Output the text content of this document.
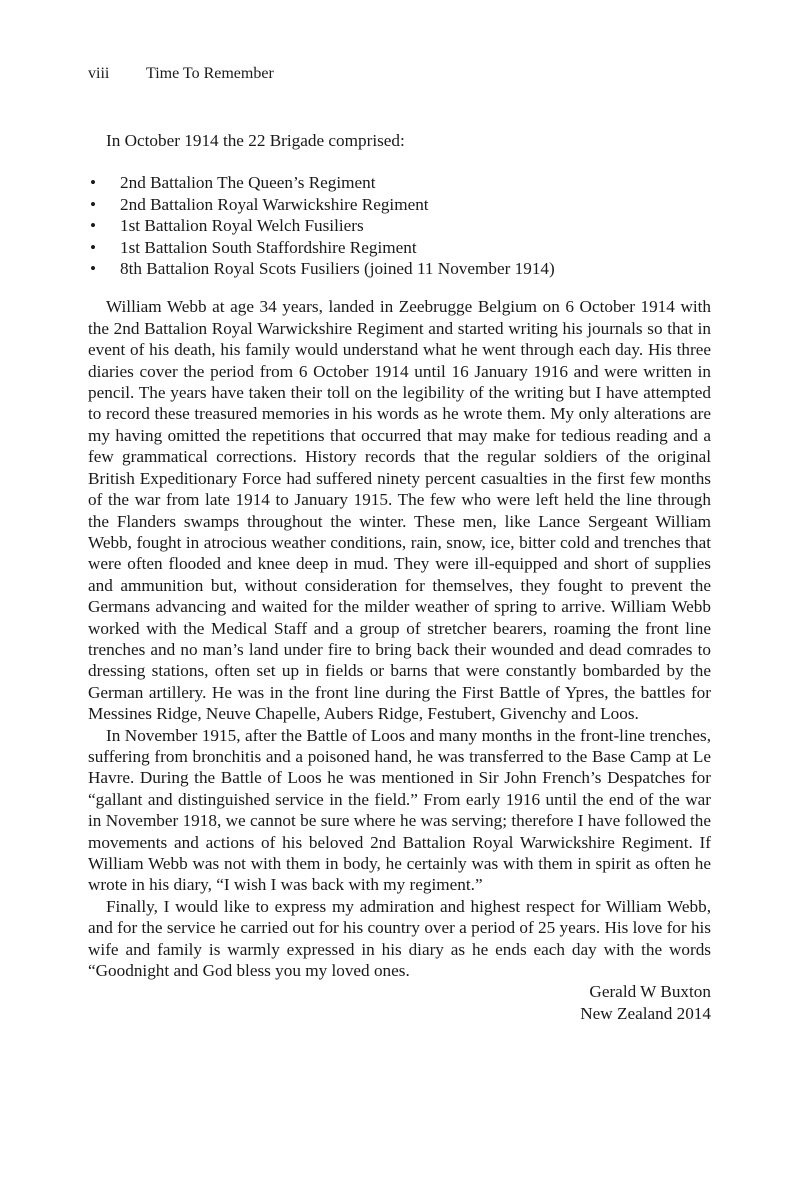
viii Time To Remember

In October 1914 the 22 Brigade comprised:

• 2nd Battalion The Queen’s Regiment
• 2nd Battalion Royal Warwickshire Regiment
• 1st Battalion Royal Welch Fusiliers
• 1st Battalion South Staffordshire Regiment
• 8th Battalion Royal Scots Fusiliers (joined 11 November 1914)

William Webb at age 34 years, landed in Zeebrugge Belgium on 6 October 1914 with the 2nd Battalion Royal Warwickshire Regiment and started writing his journals so that in event of his death, his family would understand what he went through each day. His three diaries cover the period from 6 October 1914 until 16 January 1916 and were written in pencil. The years have taken their toll on the legibility of the writing but I have attempted to record these treasured memories in his words as he wrote them. My only alterations are my having omitted the repetitions that occurred that may make for tedious reading and a few grammatical corrections. History records that the regular soldiers of the original British Expeditionary Force had suffered ninety percent casualties in the first few months of the war from late 1914 to January 1915. The few who were left held the line through the Flanders swamps throughout the winter. These men, like Lance Sergeant William Webb, fought in atrocious weather conditions, rain, snow, ice, bitter cold and trenches that were often flooded and knee deep in mud. They were ill-equipped and short of supplies and ammunition but, without consideration for themselves, they fought to prevent the Germans advancing and waited for the milder weather of spring to arrive. William Webb worked with the Medical Staff and a group of stretcher bearers, roaming the front line trenches and no man’s land under fire to bring back their wounded and dead comrades to dressing stations, often set up in fields or barns that were constantly bombarded by the German artillery. He was in the front line during the First Battle of Ypres, the battles for Messines Ridge, Neuve Chapelle, Aubers Ridge, Festubert, Givenchy and Loos.

In November 1915, after the Battle of Loos and many months in the front-line trenches, suffering from bronchitis and a poisoned hand, he was transferred to the Base Camp at Le Havre. During the Battle of Loos he was mentioned in Sir John French’s Despatches for “gallant and distinguished service in the field.” From early 1916 until the end of the war in November 1918, we cannot be sure where he was serving; therefore I have followed the movements and actions of his beloved 2nd Battalion Royal Warwickshire Regiment. If William Webb was not with them in body, he certainly was with them in spirit as often he wrote in his diary, “I wish I was back with my regiment.”

Finally, I would like to express my admiration and highest respect for William Webb, and for the service he carried out for his country over a period of 25 years. His love for his wife and family is warmly expressed in his diary as he ends each day with the words “Goodnight and God bless you my loved ones.

Gerald W Buxton

New Zealand 2014
